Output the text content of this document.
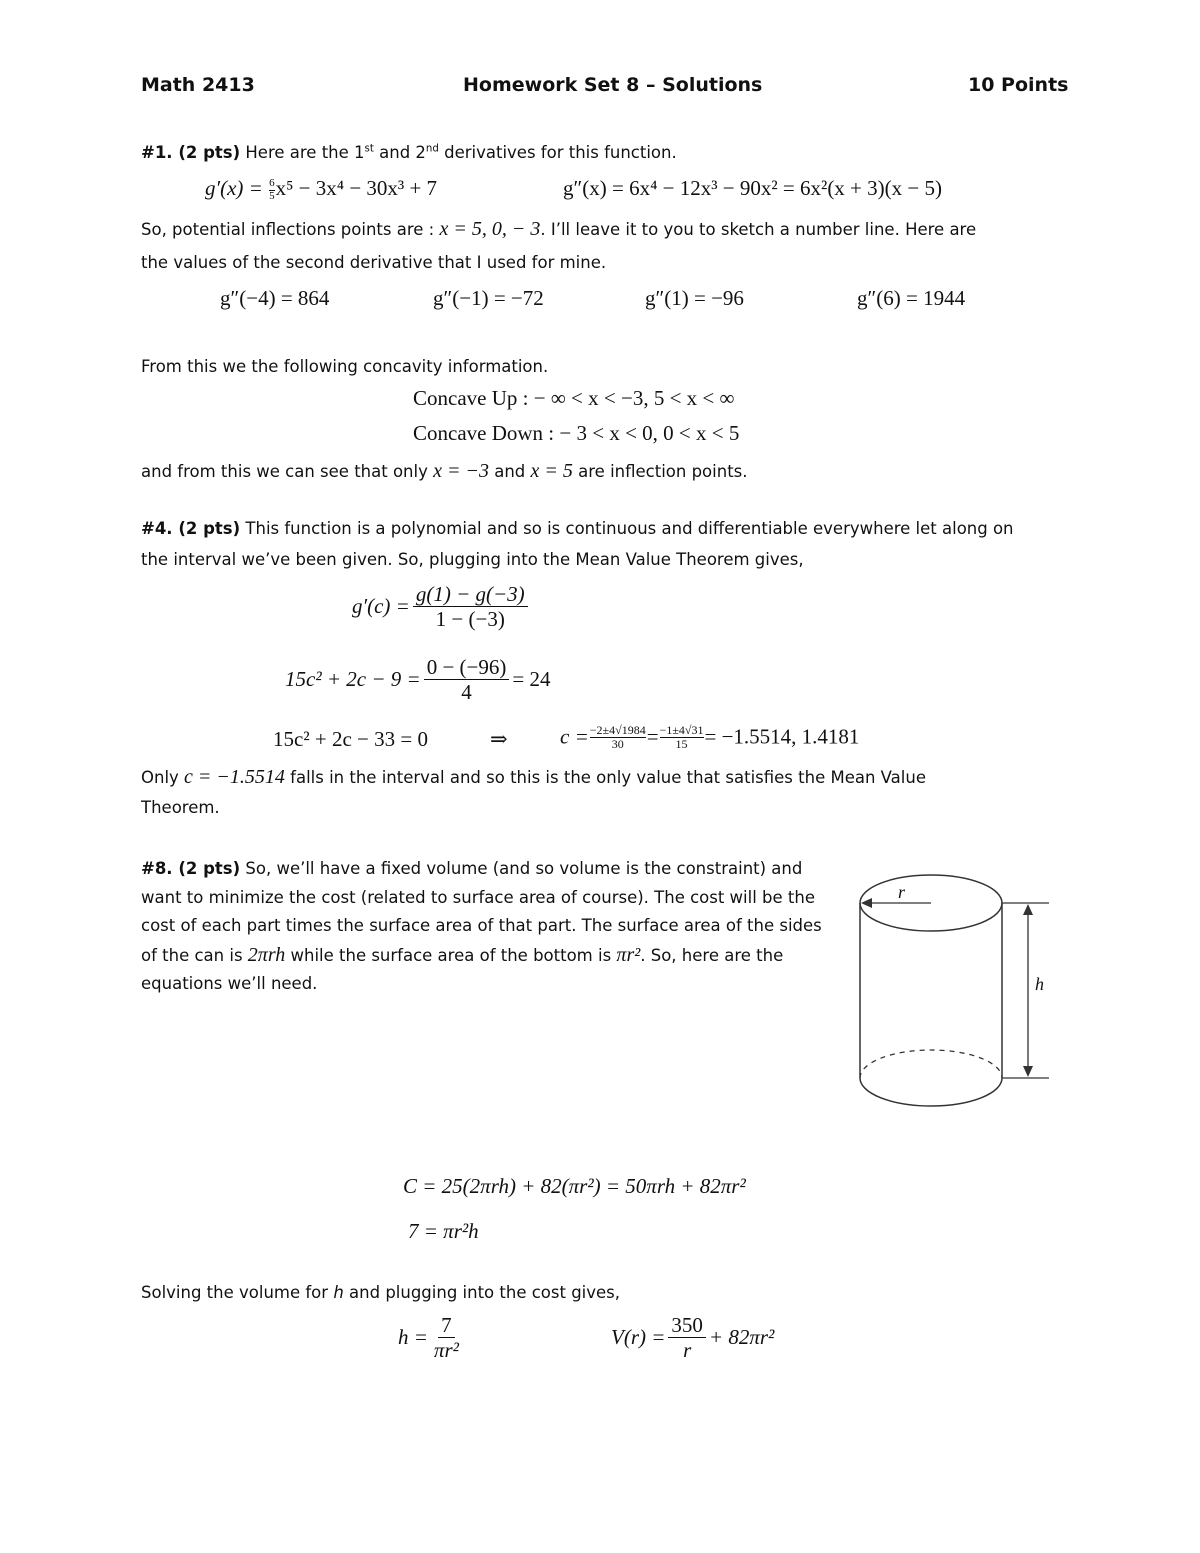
Math 2413	Homework Set 8 – Solutions	10 Points
#1. (2 pts) Here are the 1st and 2nd derivatives for this function.
$g'(x) = \frac{6}{5} x^5 - 3x^4 - 30x^3 + 7$	g″(x) = 6x⁴ − 12x³ − 90x² = 6x²(x + 3)(x − 5)
So, potential inflections points are : x = 5, 0, − 3. I’ll leave it to you to sketch a number line. Here are
the values of the second derivative that I used for mine.
g″(−4) = 864	g″(−1) = −72	g″(1) = −96	g″(6) = 1944
From this we the following concavity information.
Concave Up : − ∞ < x < −3, 5 < x < ∞
Concave Down : − 3 < x < 0, 0 < x < 5
and from this we can see that only x = −3 and x = 5 are inflection points.
#4. (2 pts) This function is a polynomial and so is continuous and differentiable everywhere let along on
the interval we’ve been given. So, plugging into the Mean Value Theorem gives,
$g'(c) = \frac{g(1) - g(-3)}{1 - (-3)}$
$15c^2 + 2c - 9 = \frac{0 - (-96)}{4} = 24$
15c² + 2c − 33 = 0	⇒ $c = \frac{-2\pm 4√1984}{30} = \frac{-1\pm 4√31}{15} = -1.5514$, 1.4181
Only c = −1.5514 falls in the interval and so this is the only value that satisfies the Mean Value
Theorem.
#8. (2 pts) So, we’ll have a fixed volume (and so volume is the constraint) and want to minimize the cost (related to surface area of course). The cost will be the cost of each part times the surface area of that part. The surface area of the sides of the can is 2πrh while the surface area of the bottom is πr². So, here are the equations we’ll need.
r
h
C = 25(2πrh) + 82(πr²) = 50πrh + 82πr²
7 = πr²h
Solving the volume for h and plugging into the cost gives,
$h = \frac{7}{\text{πr²}}$	$V(r) = \frac{350}{r} + 82\pi r^2$
